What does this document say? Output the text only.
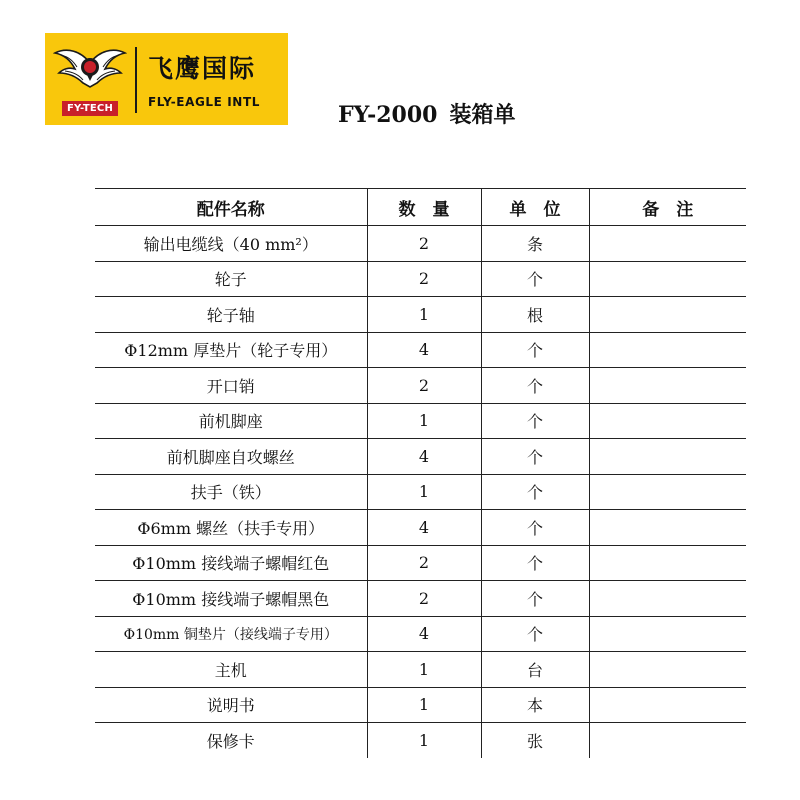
FY-TECH
飞鹰国际
FLY-EAGLE INTL	FY-2000 装箱单
配件名称	数　量	单　位	备　注
输出电缆线（40 mm²）	2	条	
轮子	2	个	
轮子轴	1	根	
Φ12mm 厚垫片（轮子专用）	4	个	
开口销	2	个	
前机脚座	1	个	
前机脚座自攻螺丝	4	个	
扶手（铁）	1	个	
Φ6mm 螺丝（扶手专用）	4	个	
Φ10mm 接线端子螺帽红色	2	个	
Φ10mm 接线端子螺帽黑色	2	个	
Φ10mm 铜垫片（接线端子专用）	4	个	
主机	1	台	
说明书	1	本	
保修卡	1	张	
